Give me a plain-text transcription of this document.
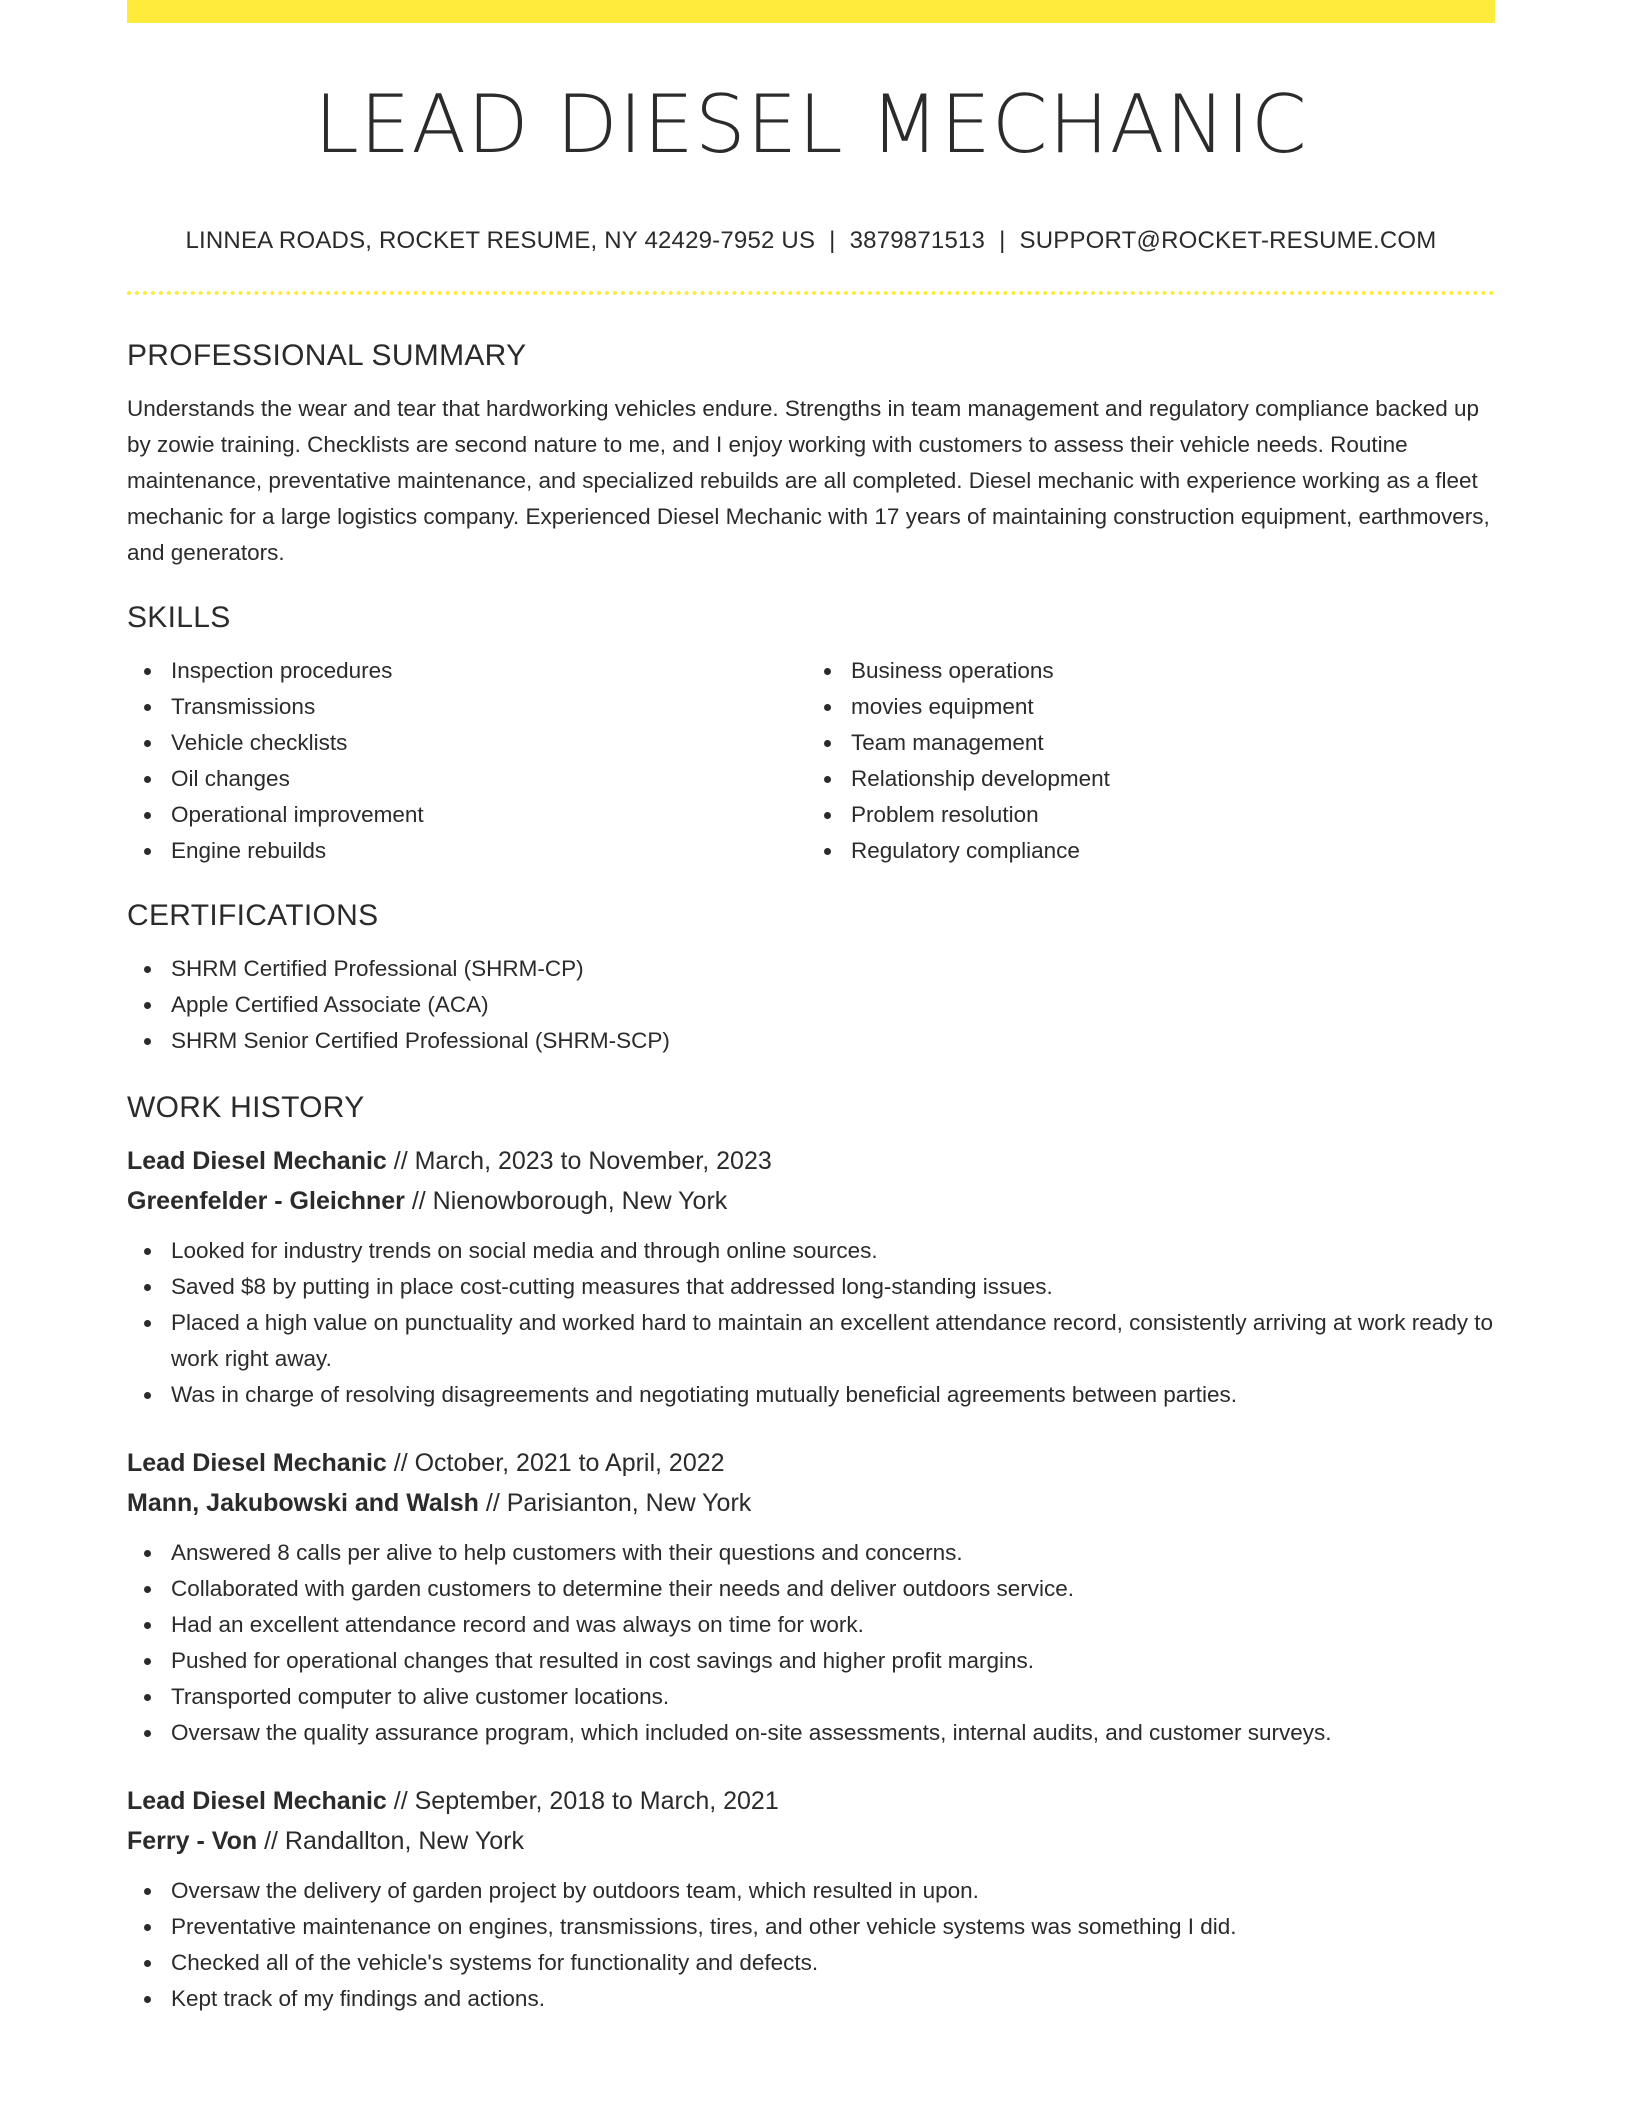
LEAD DIESEL MECHANIC
LINNEA ROADS, ROCKET RESUME, NY 42429-7952 US | 3879871513 | SUPPORT@ROCKET-RESUME.COM
PROFESSIONAL SUMMARY

Understands the wear and tear that hardworking vehicles endure. Strengths in team management and regulatory compliance backed up by zowie training. Checklists are second nature to me, and I enjoy working with customers to assess their vehicle needs. Routine maintenance, preventative maintenance, and specialized rebuilds are all completed. Diesel mechanic with experience working as a fleet mechanic for a large logistics company. Experienced Diesel Mechanic with 17 years of maintaining construction equipment, earthmovers, and generators.

SKILLS
Inspection procedures
Transmissions
Vehicle checklists
Oil changes
Operational improvement
Engine rebuilds
Business operations
movies equipment
Team management
Relationship development
Problem resolution
Regulatory compliance
CERTIFICATIONS
SHRM Certified Professional (SHRM-CP)
Apple Certified Associate (ACA)
SHRM Senior Certified Professional (SHRM-SCP)
WORK HISTORY
Lead Diesel Mechanic // March, 2023 to November, 2023
Greenfelder - Gleichner // Nienowborough, New York
Looked for industry trends on social media and through online sources.
Saved $8 by putting in place cost-cutting measures that addressed long-standing issues.
Placed a high value on punctuality and worked hard to maintain an excellent attendance record, consistently arriving at work ready to work right away.
Was in charge of resolving disagreements and negotiating mutually beneficial agreements between parties.
Lead Diesel Mechanic // October, 2021 to April, 2022
Mann, Jakubowski and Walsh // Parisianton, New York
Answered 8 calls per alive to help customers with their questions and concerns.
Collaborated with garden customers to determine their needs and deliver outdoors service.
Had an excellent attendance record and was always on time for work.
Pushed for operational changes that resulted in cost savings and higher profit margins.
Transported computer to alive customer locations.
Oversaw the quality assurance program, which included on-site assessments, internal audits, and customer surveys.
Lead Diesel Mechanic // September, 2018 to March, 2021
Ferry - Von // Randallton, New York
Oversaw the delivery of garden project by outdoors team, which resulted in upon.
Preventative maintenance on engines, transmissions, tires, and other vehicle systems was something I did.
Checked all of the vehicle's systems for functionality and defects.
Kept track of my findings and actions.
